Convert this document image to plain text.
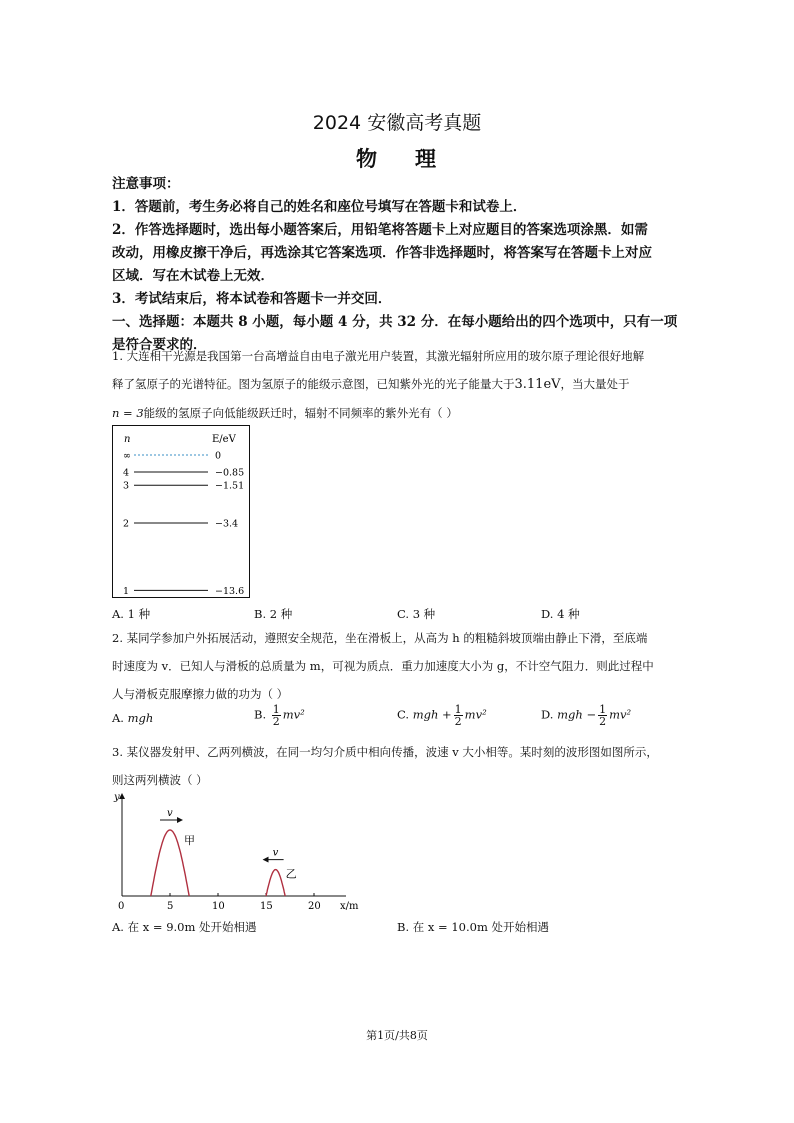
2024 安徽高考真题
物 理

注意事项：

1．答题前，考生务必将自己的姓名和座位号填写在答题卡和试卷上．

2．作答选择题时，选出每小题答案后，用铅笔将答题卡上对应题目的答案选项涂黑．如需

改动，用橡皮擦干净后，再选涂其它答案选项．作答非选择题时，将答案写在答题卡上对应

区域．写在木试卷上无效．

3．考试结束后，将本试卷和答题卡一并交回．

一、选择题：本题共 8 小题，每小题 4 分，共 32 分．在每小题给出的四个选项中，只有一项

是符合要求的．

1. 大连相干光源是我国第一台高增益自由电子激光用户装置，其激光辐射所应用的玻尔原子理论很好地解

释了氢原子的光谱特征。图为氢原子的能级示意图，已知紫外光的光子能量大于3.11eV，当大量处于

n = 3能级的氢原子向低能级跃迁时，辐射不同频率的紫外光有（ ）

n	E/eV
∞	0
4	−0.85
3	−1.51
2	−3.4
1	−13.6
A. 1 种	B. 2 种	C. 3 种	D. 4 种

2. 某同学参加户外拓展活动，遵照安全规范，坐在滑板上，从高为 h 的粗糙斜坡顶端由静止下滑，至底端

时速度为 v．已知人与滑板的总质量为 m，可视为质点．重力加速度大小为 g，不计空气阻力．则此过程中

人与滑板克服摩擦力做的功为（ ）

A. mgh	B. $\frac{1}{2} mv^2$	C. mgh + $\frac{1}{2} mv^2$	D. mgh − $\frac{1}{2} mv^2$

3. 某仪器发射甲、乙两列横波，在同一均匀介质中相向传播，波速 v 大小相等。某时刻的波形图如图所示，

则这两列横波（ ）

y
x/m
0	5	10	15	20
v
甲
v
乙
A. 在 x = 9.0m 处开始相遇	B. 在 x = 10.0m 处开始相遇
第1页/共8页
